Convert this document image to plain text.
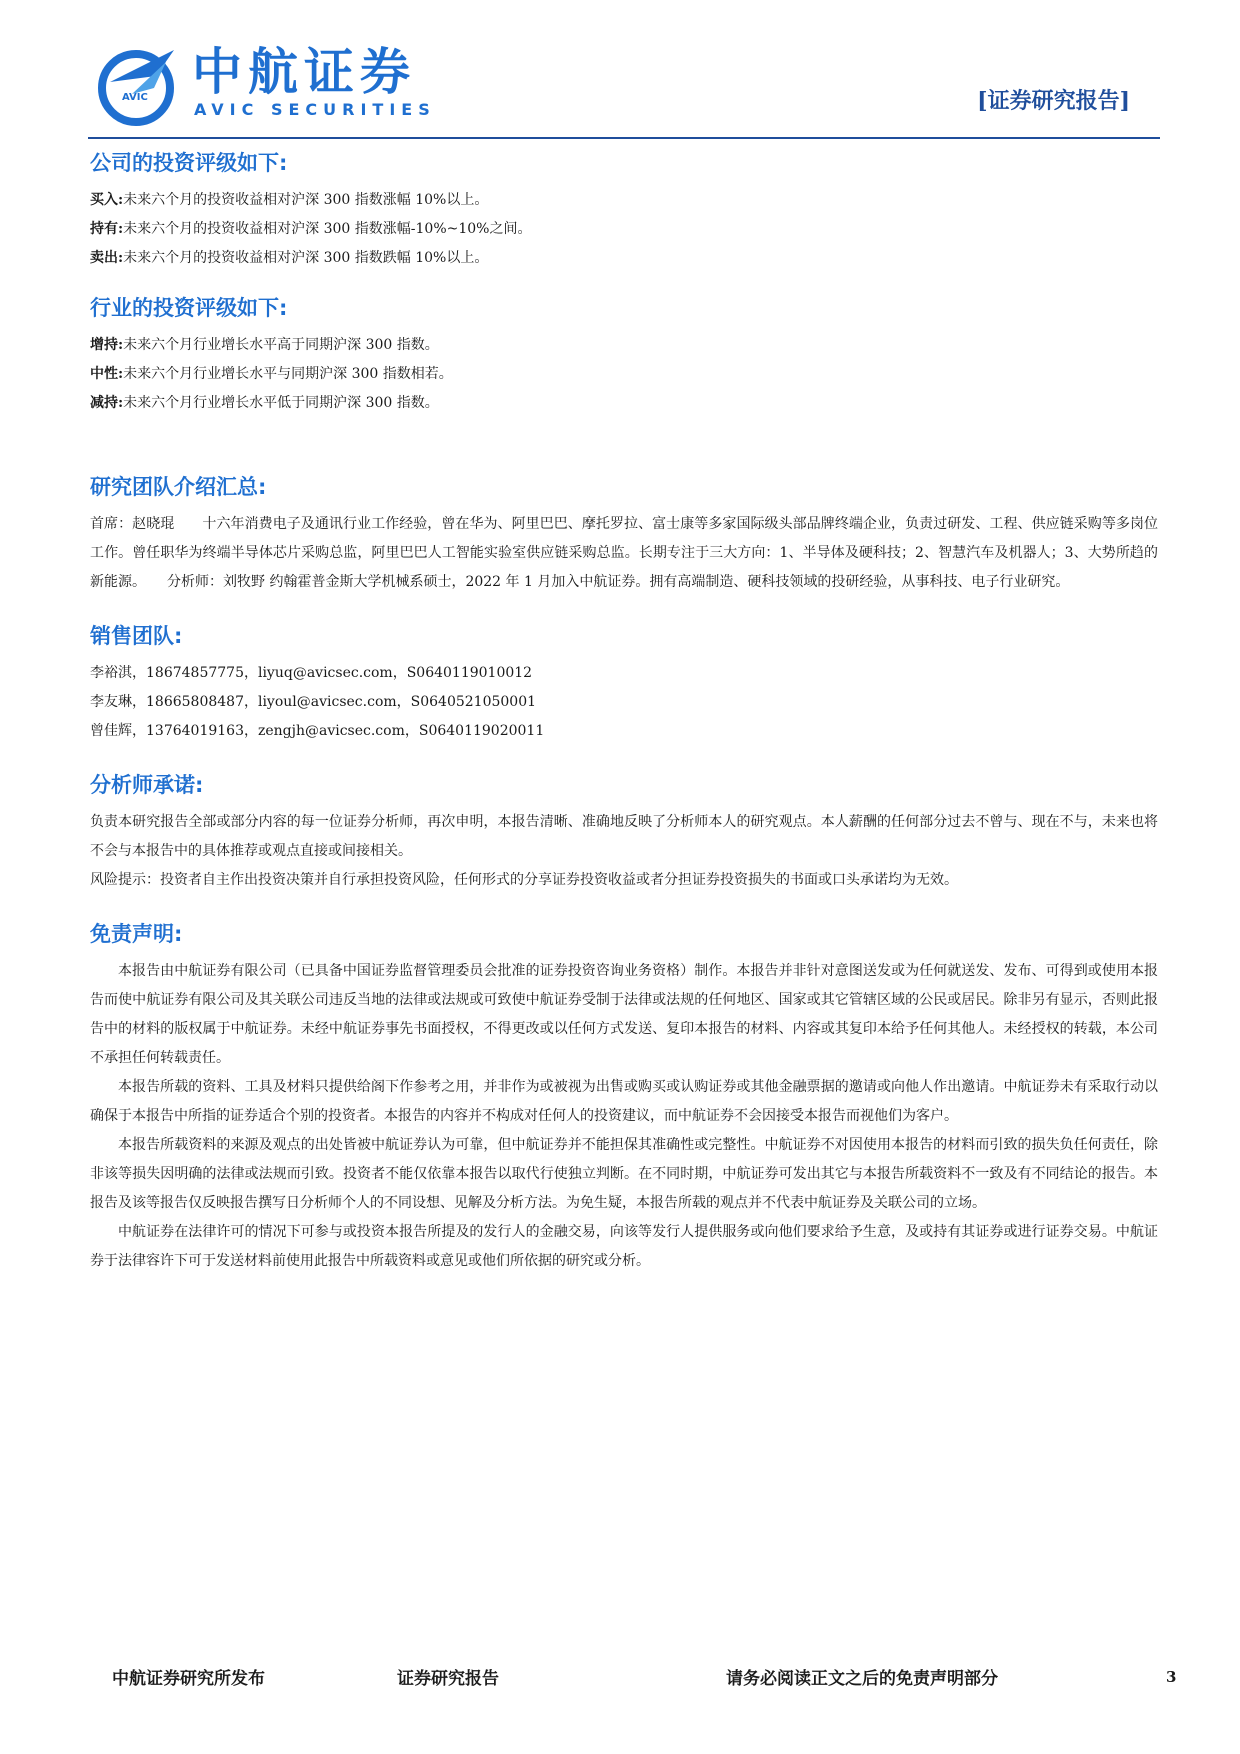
AVIC 中航证券
AVIC SECURITIES	[证券研究报告]
公司的投资评级如下:
买入:未来六个月的投资收益相对沪深 300 指数涨幅 10%以上。
持有:未来六个月的投资收益相对沪深 300 指数涨幅-10%~10%之间。
卖出:未来六个月的投资收益相对沪深 300 指数跌幅 10%以上。
行业的投资评级如下:
增持:未来六个月行业增长水平高于同期沪深 300 指数。
中性:未来六个月行业增长水平与同期沪深 300 指数相若。
减持:未来六个月行业增长水平低于同期沪深 300 指数。
研究团队介绍汇总:

首席：赵晓琨　　十六年消费电子及通讯行业工作经验，曾在华为、阿里巴巴、摩托罗拉、富士康等多家国际级头部品牌终端企业，负责过研发、工程、供应链采购等多岗位工作。曾任职华为终端半导体芯片采购总监，阿里巴巴人工智能实验室供应链采购总监。长期专注于三大方向：1、半导体及硬科技；2、智慧汽车及机器人；3、大势所趋的新能源。　　分析师：刘牧野 约翰霍普金斯大学机械系硕士，2022 年 1 月加入中航证券。拥有高端制造、硬科技领域的投研经验，从事科技、电子行业研究。

销售团队:
李裕淇，18674857775，liyuq@avicsec.com，S0640119010012
李友琳，18665808487，liyoul@avicsec.com，S0640521050001
曾佳辉，13764019163，zengjh@avicsec.com，S0640119020011
分析师承诺:

负责本研究报告全部或部分内容的每一位证券分析师，再次申明，本报告清晰、准确地反映了分析师本人的研究观点。本人薪酬的任何部分过去不曾与、现在不与，未来也将不会与本报告中的具体推荐或观点直接或间接相关。

风险提示：投资者自主作出投资决策并自行承担投资风险，任何形式的分享证券投资收益或者分担证券投资损失的书面或口头承诺均为无效。

免责声明:

本报告由中航证券有限公司（已具备中国证券监督管理委员会批准的证券投资咨询业务资格）制作。本报告并非针对意图送发或为任何就送发、发布、可得到或使用本报告而使中航证券有限公司及其关联公司违反当地的法律或法规或可致使中航证券受制于法律或法规的任何地区、国家或其它管辖区域的公民或居民。除非另有显示，否则此报告中的材料的版权属于中航证券。未经中航证券事先书面授权，不得更改或以任何方式发送、复印本报告的材料、内容或其复印本给予任何其他人。未经授权的转载，本公司不承担任何转载责任。

本报告所载的资料、工具及材料只提供给阁下作参考之用，并非作为或被视为出售或购买或认购证券或其他金融票据的邀请或向他人作出邀请。中航证券未有采取行动以确保于本报告中所指的证券适合个别的投资者。本报告的内容并不构成对任何人的投资建议，而中航证券不会因接受本报告而视他们为客户。

本报告所载资料的来源及观点的出处皆被中航证券认为可靠，但中航证券并不能担保其准确性或完整性。中航证券不对因使用本报告的材料而引致的损失负任何责任，除非该等损失因明确的法律或法规而引致。投资者不能仅依靠本报告以取代行使独立判断。在不同时期，中航证券可发出其它与本报告所载资料不一致及有不同结论的报告。本报告及该等报告仅反映报告撰写日分析师个人的不同设想、见解及分析方法。为免生疑，本报告所载的观点并不代表中航证券及关联公司的立场。

中航证券在法律许可的情况下可参与或投资本报告所提及的发行人的金融交易，向该等发行人提供服务或向他们要求给予生意，及或持有其证券或进行证券交易。中航证券于法律容许下可于发送材料前使用此报告中所载资料或意见或他们所依据的研究或分析。

中航证券研究所发布	证券研究报告	请务必阅读正文之后的免责声明部分	3
